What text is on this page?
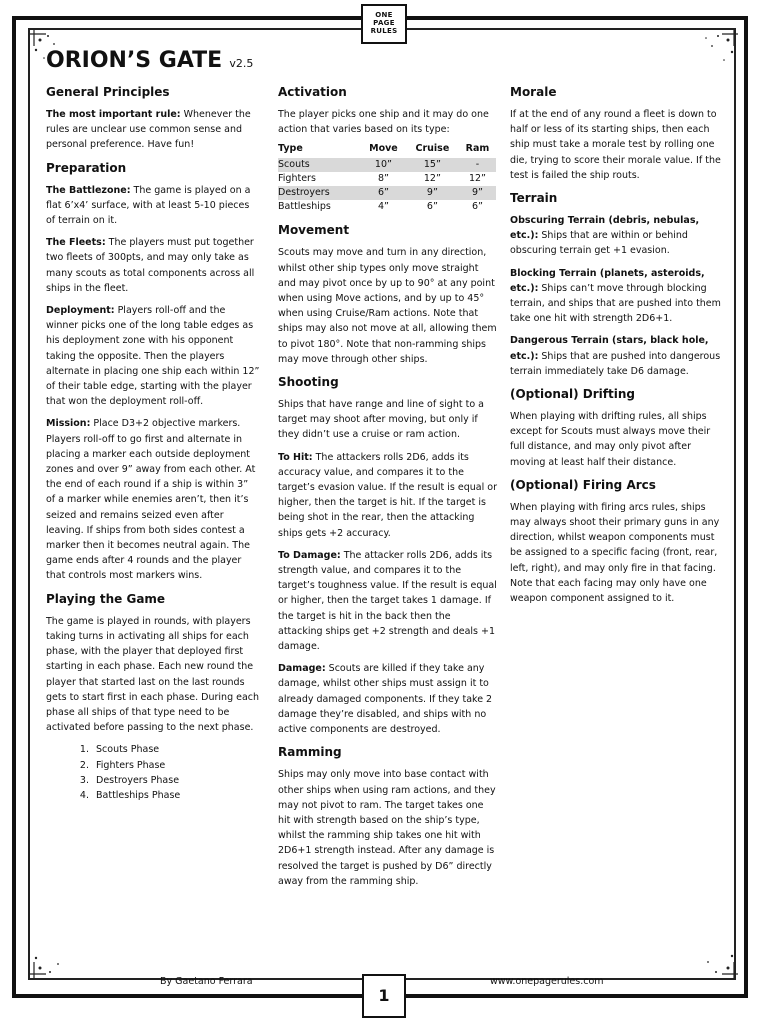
ONE
PAGE
RULES
ORION’S GATE v2.5
General Principles

The most important rule: Whenever the rules are unclear use common sense and personal preference. Have fun!

Preparation

The Battlezone: The game is played on a flat 6’x4’ surface, with at least 5-10 pieces of terrain on it.

The Fleets: The players must put together two fleets of 300pts, and may only take as many scouts as total components across all ships in the fleet.

Deployment: Players roll-off and the winner picks one of the long table edges as his deployment zone with his opponent taking the opposite. Then the players alternate in placing one ship each within 12” of their table edge, starting with the player that won the deployment roll-off.

Mission: Place D3+2 objective markers. Players roll-off to go first and alternate in placing a marker each outside deployment zones and over 9” away from each other. At the end of each round if a ship is within 3” of a marker while enemies aren’t, then it’s seized and remains seized even after leaving. If ships from both sides contest a marker then it becomes neutral again. The game ends after 4 rounds and the player that controls most markers wins.

Playing the Game

The game is played in rounds, with players taking turns in activating all ships for each phase, with the player that deployed first starting in each phase. Each new round the player that started last on the last rounds gets to start first in each phase. During each phase all ships of that type need to be activated before passing to the next phase.

1. Scouts Phase
2. Fighters Phase
3. Destroyers Phase
4. Battleships Phase
Activation

The player picks one ship and it may do one action that varies based on its type:

Type	Move	Cruise	Ram
Scouts	10”	15”	-
Fighters	8”	12”	12”
Destroyers	6”	9”	9”
Battleships	4”	6”	6”
Movement

Scouts may move and turn in any direction, whilst other ship types only move straight and may pivot once by up to 90° at any point when using Move actions, and by up to 45° when using Cruise/Ram actions. Note that ships may also not move at all, allowing them to pivot 180°. Note that non-ramming ships may move through other ships.

Shooting

Ships that have range and line of sight to a target may shoot after moving, but only if they didn’t use a cruise or ram action.

To Hit: The attackers rolls 2D6, adds its accuracy value, and compares it to the target’s evasion value. If the result is equal or higher, then the target is hit. If the target is being shot in the rear, then the attacking ships gets +2 accuracy.

To Damage: The attacker rolls 2D6, adds its strength value, and compares it to the target’s toughness value. If the result is equal or higher, then the target takes 1 damage. If the target is hit in the back then the attacking ships get +2 strength and deals +1 damage.

Damage: Scouts are killed if they take any damage, whilst other ships must assign it to already damaged components. If they take 2 damage they’re disabled, and ships with no active components are destroyed.

Ramming

Ships may only move into base contact with other ships when using ram actions, and they may not pivot to ram. The target takes one hit with strength based on the ship’s type, whilst the ramming ship takes one hit with 2D6+1 strength instead. After any damage is resolved the target is pushed by D6” directly away from the ramming ship.

Morale

If at the end of any round a fleet is down to half or less of its starting ships, then each ship must take a morale test by rolling one die, trying to score their morale value. If the test is failed the ship routs.

Terrain

Obscuring Terrain (debris, nebulas, etc.): Ships that are within or behind obscuring terrain get +1 evasion.

Blocking Terrain (planets, asteroids, etc.): Ships can’t move through blocking terrain, and ships that are pushed into them take one hit with strength 2D6+1.

Dangerous Terrain (stars, black hole, etc.): Ships that are pushed into dangerous terrain immediately take D6 damage.

(Optional) Drifting

When playing with drifting rules, all ships except for Scouts must always move their full distance, and may only pivot after moving at least half their distance.

(Optional) Firing Arcs

When playing with firing arcs rules, ships may always shoot their primary guns in any direction, whilst weapon components must be assigned to a specific facing (front, rear, left, right), and may only fire in that facing. Note that each facing may only have one weapon component assigned to it.

By Gaetano Ferrara	www.onepagerules.com
1
